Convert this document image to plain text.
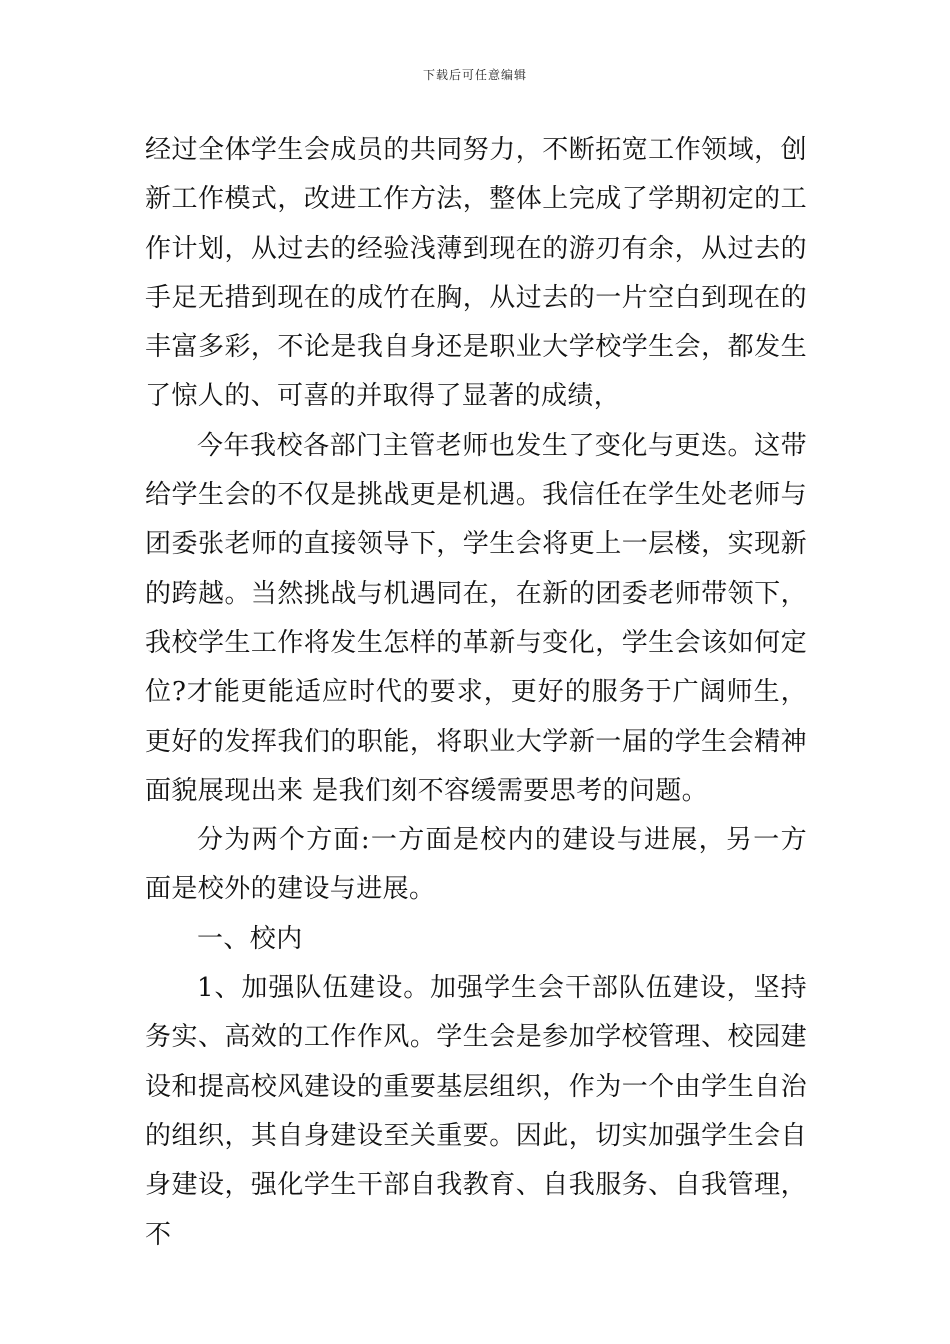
下载后可任意编辑

经过全体学生会成员的共同努力，不断拓宽工作领域，创新工作模式，改进工作方法，整体上完成了学期初定的工作计划，从过去的经验浅薄到现在的游刃有余，从过去的手足无措到现在的成竹在胸，从过去的一片空白到现在的丰富多彩，不论是我自身还是职业大学校学生会，都发生了惊人的、可喜的并取得了显著的成绩，

今年我校各部门主管老师也发生了变化与更迭。这带给学生会的不仅是挑战更是机遇。我信任在学生处老师与团委张老师的直接领导下，学生会将更上一层楼，实现新的跨越。当然挑战与机遇同在，在新的团委老师带领下，我校学生工作将发生怎样的革新与变化，学生会该如何定位?才能更能适应时代的要求，更好的服务于广阔师生，更好的发挥我们的职能，将职业大学新一届的学生会精神面貌展现出来 是我们刻不容缓需要思考的问题。

分为两个方面:一方面是校内的建设与进展，另一方面是校外的建设与进展。

一、校内

1、加强队伍建设。加强学生会干部队伍建设，坚持务实、高效的工作作风。学生会是参加学校管理、校园建设和提高校风建设的重要基层组织，作为一个由学生自治的组织，其自身建设至关重要。因此，切实加强学生会自身建设，强化学生干部自我教育、自我服务、自我管理，不
